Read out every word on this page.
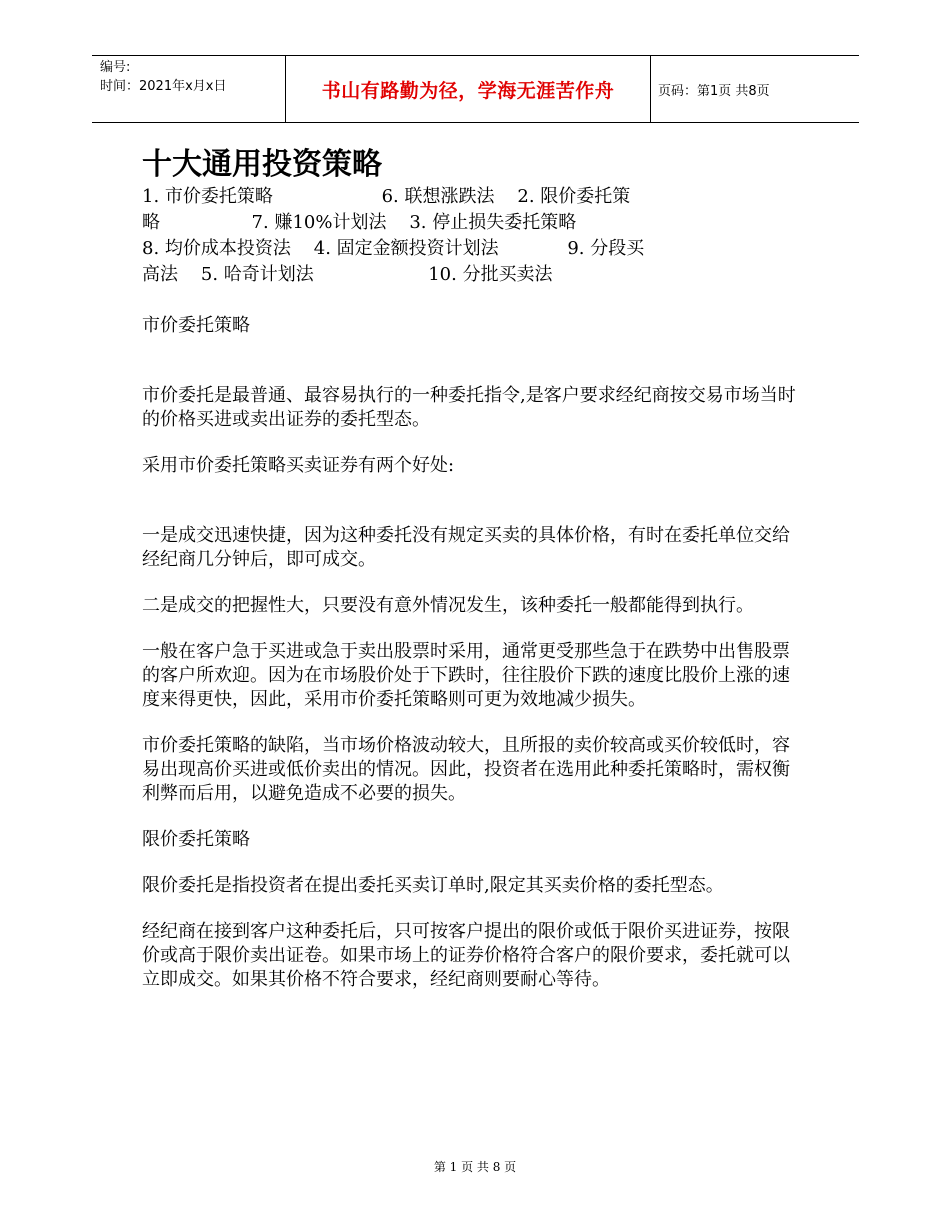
编号:
时间：2021年x月x日	书山有路勤为径，学海无涯苦作舟	页码：第1页 共8页
十大通用投资策略

1. 市价委托策略                   6. 联想涨跌法    2. 限价委托策

略                7. 赚10%计划法    3. 停止损失委托策略

8. 均价成本投资法    4. 固定金额投资计划法            9. 分段买

高法    5. 哈奇计划法                    10. 分批买卖法

市价委托策略

市价委托是最普通、最容易执行的一种委托指令,是客户要求经纪商按交易市场当时的价格买进或卖出证券的委托型态。

采用市价委托策略买卖证券有两个好处:

一是成交迅速快捷，因为这种委托没有规定买卖的具体价格，有时在委托单位交给经纪商几分钟后，即可成交。

二是成交的把握性大，只要没有意外情况发生，该种委托一般都能得到执行。

一般在客户急于买进或急于卖出股票时采用，通常更受那些急于在跌势中出售股票的客户所欢迎。因为在市场股价处于下跌时，往往股价下跌的速度比股价上涨的速度来得更快，因此，采用市价委托策略则可更为效地减少损失。

市价委托策略的缺陷，当市场价格波动较大，且所报的卖价较高或买价较低时，容易出现高价买进或低价卖出的情况。因此，投资者在选用此种委托策略时，需权衡利弊而后用，以避免造成不必要的损失。

限价委托策略

限价委托是指投资者在提出委托买卖订单时,限定其买卖价格的委托型态。

经纪商在接到客户这种委托后，只可按客户提出的限价或低于限价买进证券，按限价或高于限价卖出证卷。如果市场上的证券价格符合客户的限价要求，委托就可以立即成交。如果其价格不符合要求，经纪商则要耐心等待。

第 1 页 共 8 页
